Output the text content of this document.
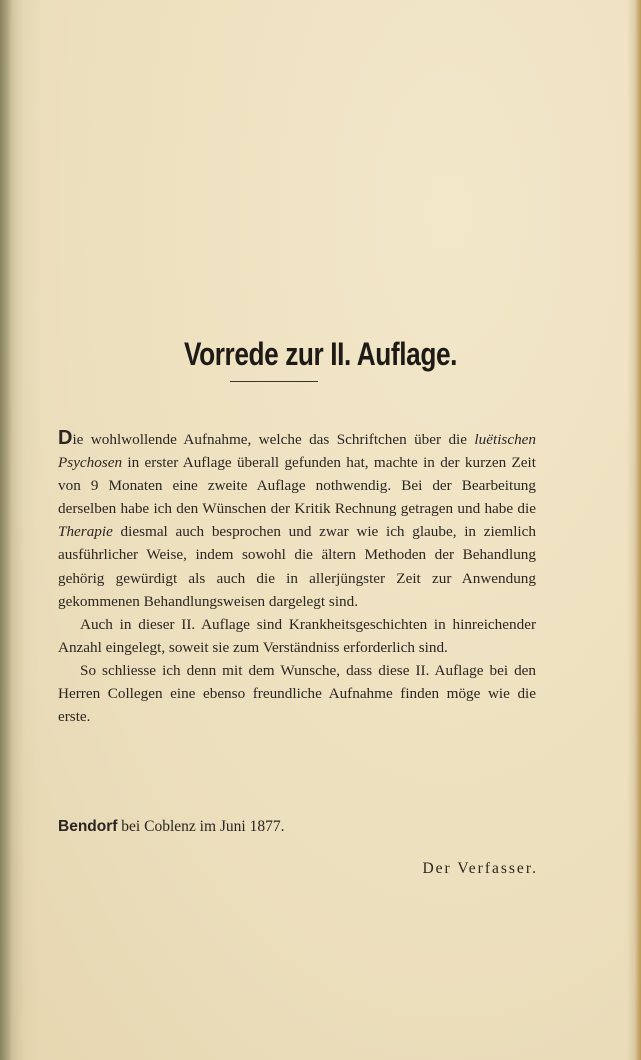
Vorrede zur II. Auflage.

Die wohlwollende Aufnahme, welche das Schriftchen über die luëtischen Psychosen in erster Auflage überall gefunden hat, machte in der kurzen Zeit von 9 Monaten eine zweite Auflage nothwendig. Bei der Bearbeitung derselben habe ich den Wünschen der Kritik Rechnung getragen und habe die Therapie diesmal auch besprochen und zwar wie ich glaube, in ziemlich ausführlicher Weise, indem sowohl die ältern Methoden der Behandlung gehörig gewürdigt als auch die in allerjüngster Zeit zur Anwendung gekommenen Behandlungsweisen dargelegt sind.

Auch in dieser II. Auflage sind Krankheitsgeschichten in hinreichender Anzahl eingelegt, soweit sie zum Verständniss erforderlich sind.

So schliesse ich denn mit dem Wunsche, dass diese II. Auflage bei den Herren Collegen eine ebenso freundliche Aufnahme finden möge wie die erste.

Bendorf bei Coblenz im Juni 1877.
Der Verfasser.
